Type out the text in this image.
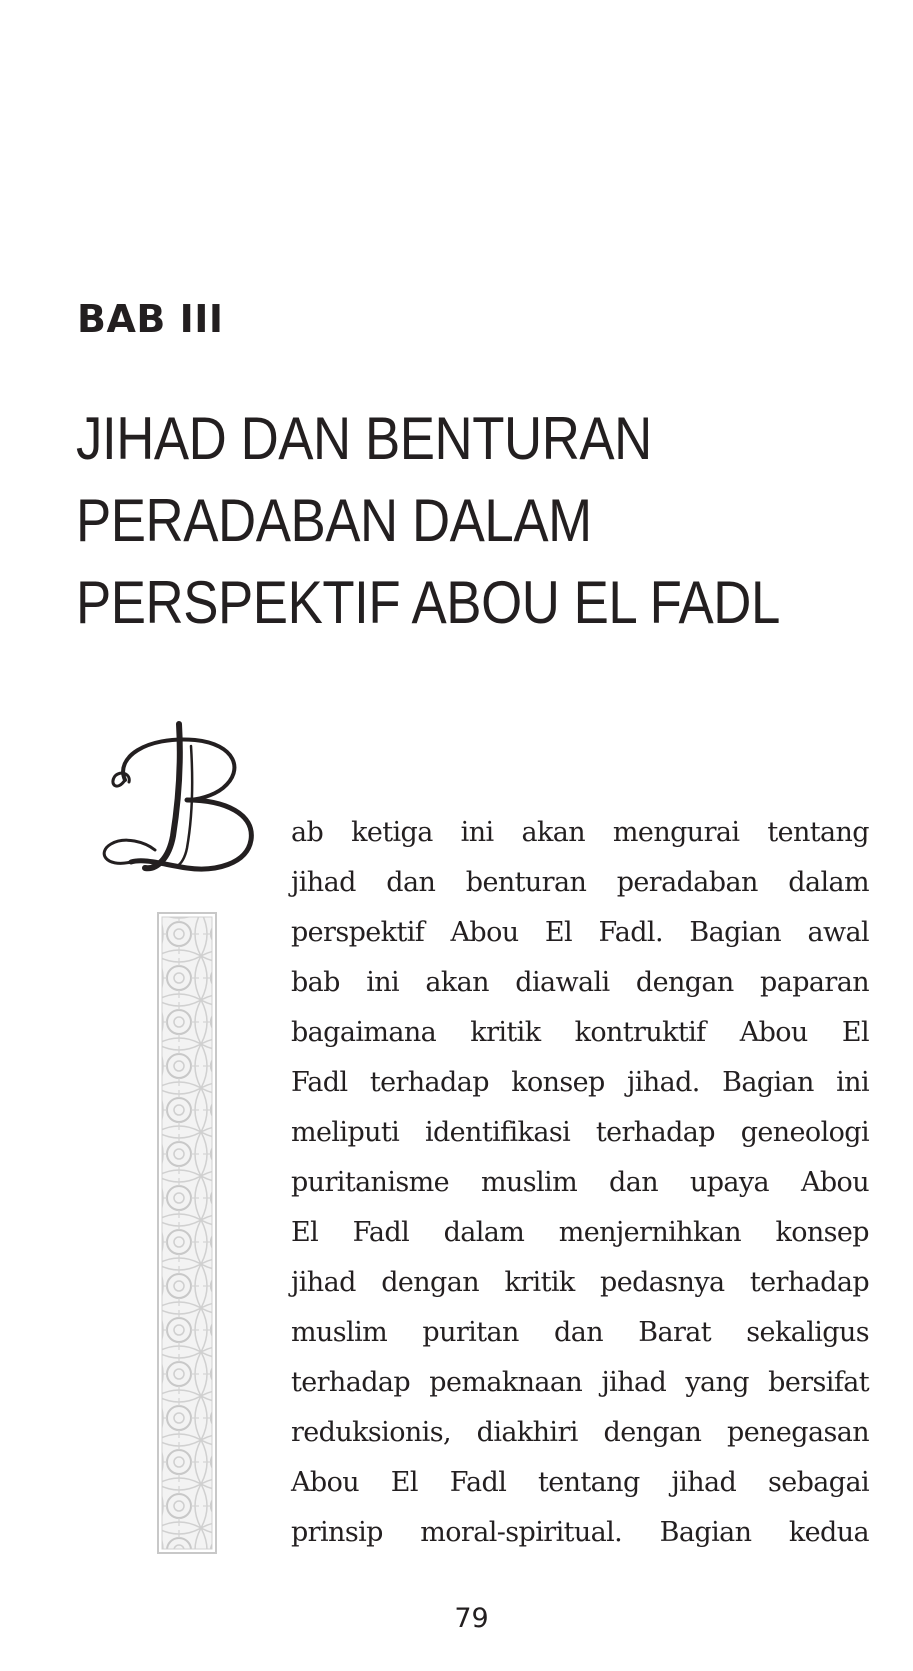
BAB III
JIHAD DAN BENTURAN
PERADABAN DALAM
PERSPEKTIF ABOU EL FADL
ab ketiga ini akan mengurai tentang
jihad dan benturan peradaban dalam
perspektif Abou El Fadl. Bagian awal
bab ini akan diawali dengan paparan
bagaimana kritik kontruktif Abou El
Fadl terhadap konsep jihad. Bagian ini
meliputi identifikasi terhadap geneologi
puritanisme muslim dan upaya Abou
El Fadl dalam menjernihkan konsep
jihad dengan kritik pedasnya terhadap
muslim puritan dan Barat sekaligus
terhadap pemaknaan jihad yang bersifat
reduksionis, diakhiri dengan penegasan
Abou El Fadl tentang jihad sebagai
prinsip moral-spiritual. Bagian kedua
79
